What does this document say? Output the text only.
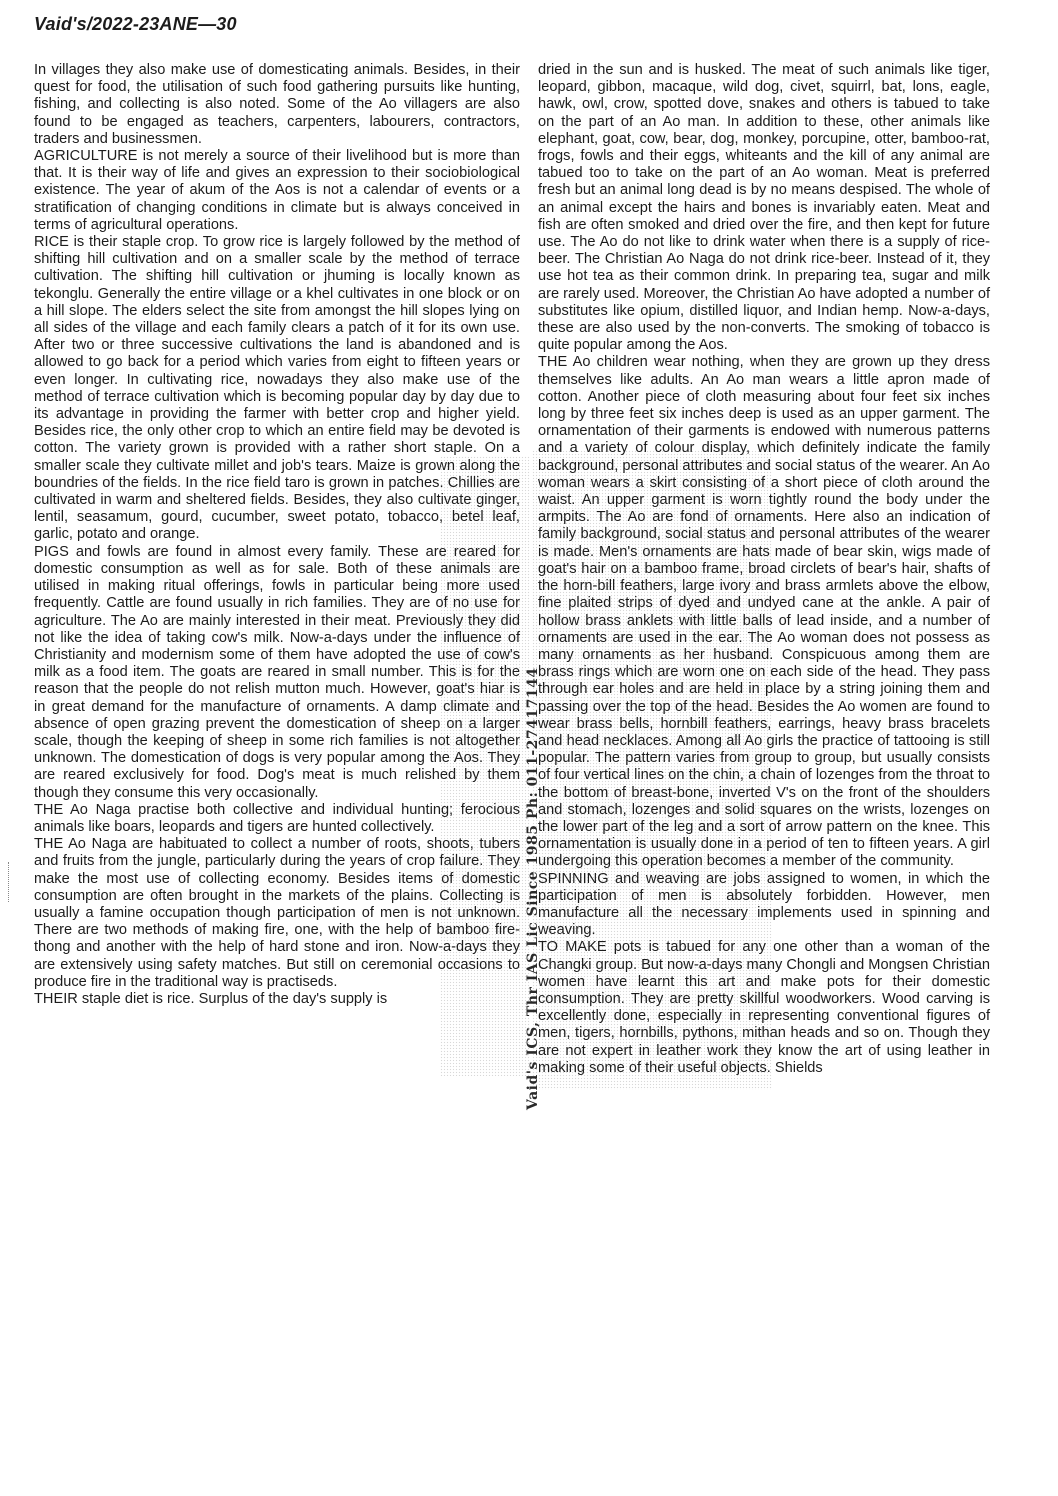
Vaid's/2022-23ANE—30

In villages they also make use of domesticating animals. Besides, in their quest for food, the utilisation of such food gathering pursuits like hunting, fishing, and collecting is also noted. Some of the Ao villagers are also found to be engaged as teachers, carpenters, labourers, contractors, traders and businessmen.

AGRICULTURE is not merely a source of their livelihood but is more than that. It is their way of life and gives an expression to their sociobiological existence. The year of akum of the Aos is not a calendar of events or a stratification of changing conditions in climate but is always conceived in terms of agricultural operations.

RICE is their staple crop. To grow rice is largely followed by the method of shifting hill cultivation and on a smaller scale by the method of terrace cultivation. The shifting hill cultivation or jhuming is locally known as tekonglu. Generally the entire village or a khel cultivates in one block or on a hill slope. The elders select the site from amongst the hill slopes lying on all sides of the village and each family clears a patch of it for its own use. After two or three successive cultivations the land is abandoned and is allowed to go back for a period which varies from eight to fifteen years or even longer. In cultivating rice, nowadays they also make use of the method of terrace cultivation which is becoming popular day by day due to its advantage in providing the farmer with better crop and higher yield. Besides rice, the only other crop to which an entire field may be devoted is cotton. The variety grown is provided with a rather short staple. On a smaller scale they cultivate millet and job's tears. Maize is grown along the boundries of the fields. In the rice field taro is grown in patches. Chillies are cultivated in warm and sheltered fields. Besides, they also cultivate ginger, lentil, seasamum, gourd, cucumber, sweet potato, tobacco, betel leaf, garlic, potato and orange.

PIGS and fowls are found in almost every family. These are reared for domestic consumption as well as for sale. Both of these animals are utilised in making ritual offerings, fowls in particular being more used frequently. Cattle are found usually in rich families. They are of no use for agriculture. The Ao are mainly interested in their meat. Previously they did not like the idea of taking cow's milk. Now-a-days under the influence of Christianity and modernism some of them have adopted the use of cow's milk as a food item. The goats are reared in small number. This is for the reason that the people do not relish mutton much. However, goat's hiar is in great demand for the manufacture of ornaments. A damp climate and absence of open grazing prevent the domestication of sheep on a larger scale, though the keeping of sheep in some rich families is not altogether unknown. The domestication of dogs is very popular among the Aos. They are reared exclusively for food. Dog's meat is much relished by them though they consume this very occasionally.

THE Ao Naga practise both collective and individual hunting; ferocious animals like boars, leopards and tigers are hunted collectively.

THE Ao Naga are habituated to collect a number of roots, shoots, tubers and fruits from the jungle, particularly during the years of crop failure. They make the most use of collecting economy. Besides items of domestic consumption are often brought in the markets of the plains. Collecting is usually a famine occupation though participation of men is not unknown. There are two methods of making fire, one, with the help of bamboo fire-thong and another with the help of hard stone and iron. Now-a-days they are extensively using safety matches. But still on ceremonial occasions to produce fire in the traditional way is practiseds.

THEIR staple diet is rice. Surplus of the day's supply is

dried in the sun and is husked. The meat of such animals like tiger, leopard, gibbon, macaque, wild dog, civet, squirrl, bat, lons, eagle, hawk, owl, crow, spotted dove, snakes and others is tabued to take on the part of an Ao man. In addition to these, other animals like elephant, goat, cow, bear, dog, monkey, porcupine, otter, bamboo-rat, frogs, fowls and their eggs, whiteants and the kill of any animal are tabued too to take on the part of an Ao woman. Meat is preferred fresh but an animal long dead is by no means despised. The whole of an animal except the hairs and bones is invariably eaten. Meat and fish are often smoked and dried over the fire, and then kept for future use. The Ao do not like to drink water when there is a supply of rice-beer. The Christian Ao Naga do not drink rice-beer. Instead of it, they use hot tea as their common drink. In preparing tea, sugar and milk are rarely used. Moreover, the Christian Ao have adopted a number of substitutes like opium, distilled liquor, and Indian hemp. Now-a-days, these are also used by the non-converts. The smoking of tobacco is quite popular among the Aos.

THE Ao children wear nothing, when they are grown up they dress themselves like adults. An Ao man wears a little apron made of cotton. Another piece of cloth measuring about four feet six inches long by three feet six inches deep is used as an upper garment. The ornamentation of their garments is endowed with numerous patterns and a variety of colour display, which definitely indicate the family background, personal attributes and social status of the wearer. An Ao woman wears a skirt consisting of a short piece of cloth around the waist. An upper garment is worn tightly round the body under the armpits. The Ao are fond of ornaments. Here also an indication of family background, social status and personal attributes of the wearer is made. Men's ornaments are hats made of bear skin, wigs made of goat's hair on a bamboo frame, broad circlets of bear's hair, shafts of the horn-bill feathers, large ivory and brass armlets above the elbow, fine plaited strips of dyed and undyed cane at the ankle. A pair of hollow brass anklets with little balls of lead inside, and a number of ornaments are used in the ear. The Ao woman does not possess as many ornaments as her husband. Conspicuous among them are brass rings which are worn one on each side of the head. They pass through ear holes and are held in place by a string joining them and passing over the top of the head. Besides the Ao women are found to wear brass bells, hornbill feathers, earrings, heavy brass bracelets and head necklaces. Among all Ao girls the practice of tattooing is still popular. The pattern varies from group to group, but usually consists of four vertical lines on the chin, a chain of lozenges from the throat to the bottom of breast-bone, inverted V's on the front of the shoulders and stomach, lozenges and solid squares on the wrists, lozenges on the lower part of the leg and a sort of arrow pattern on the knee. This ornamentation is usually done in a period of ten to fifteen years. A girl undergoing this operation becomes a member of the community.

SPINNING and weaving are jobs assigned to women, in which the participation of men is absolutely forbidden. However, men manufacture all the necessary implements used in spinning and weaving.

TO MAKE pots is tabued for any one other than a woman of the Changki group. But now-a-days many Chongli and Mongsen Christian women have learnt this art and make pots for their domestic consumption. They are pretty skillful woodworkers. Wood carving is excellently done, especially in representing conventional figures of men, tigers, hornbills, pythons, mithan heads and so on. Though they are not expert in leather work they know the art of using leather in making some of their useful objects. Shields

Vaid's ICS, Thr IAS Lic Since 1985 Ph: 011-27417144
